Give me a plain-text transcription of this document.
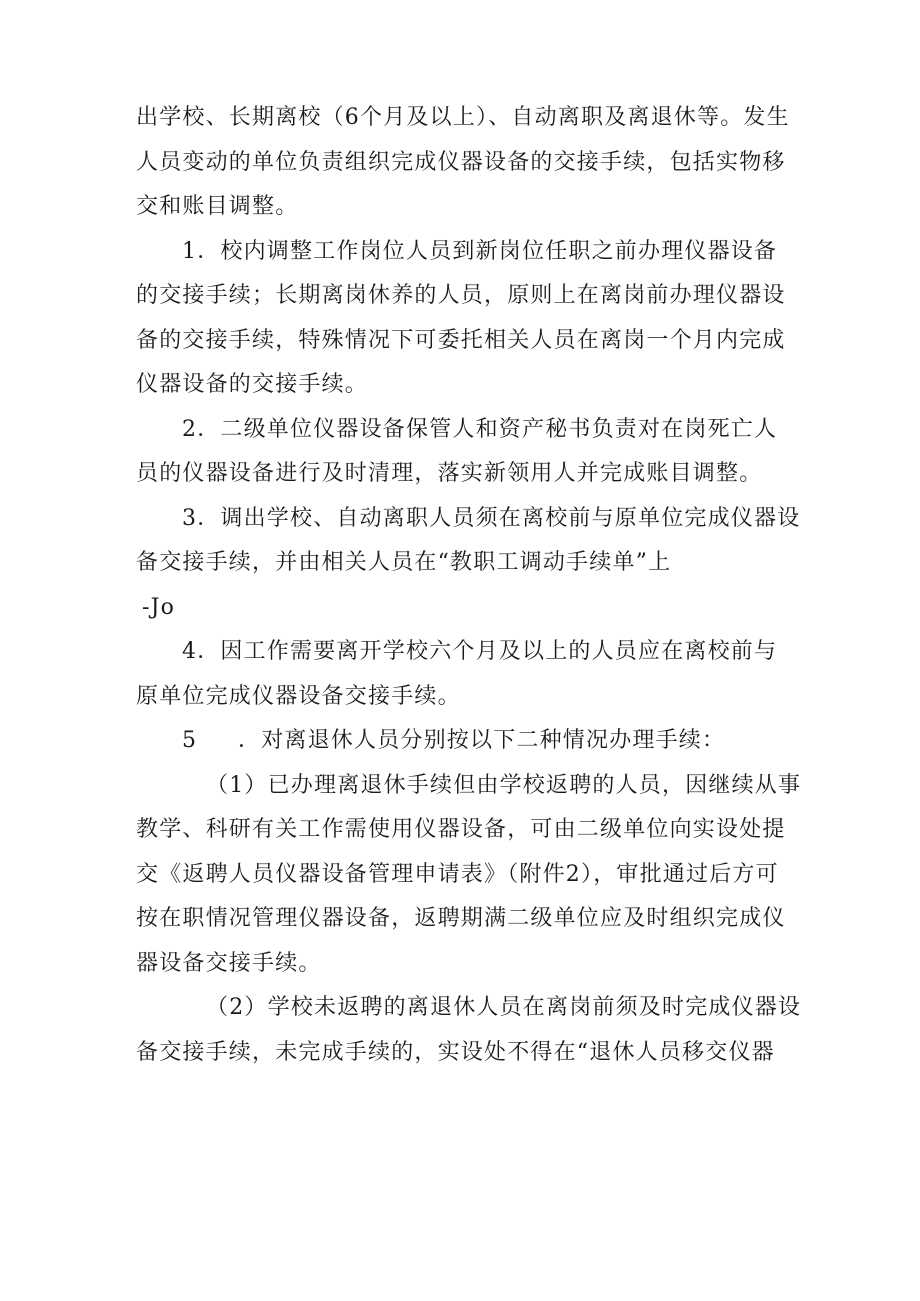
出学校、长期离校（6个月及以上）、自动离职及离退休等。发生
人员变动的单位负责组织完成仪器设备的交接手续，包括实物移
交和账目调整。
1．校内调整工作岗位人员到新岗位任职之前办理仪器设备
的交接手续；长期离岗休养的人员，原则上在离岗前办理仪器设
备的交接手续，特殊情况下可委托相关人员在离岗一个月内完成
仪器设备的交接手续。
2．二级单位仪器设备保管人和资产秘书负责对在岗死亡人
员的仪器设备进行及时清理，落实新领用人并完成账目调整。
3．调出学校、自动离职人员须在离校前与原单位完成仪器设
备交接手续，并由相关人员在“教职工调动手续单”上
-Jo
4．因工作需要离开学校六个月及以上的人员应在离校前与
原单位完成仪器设备交接手续。
5 ．对离退休人员分别按以下二种情况办理手续：
（1）已办理离退休手续但由学校返聘的人员，因继续从事
教学、科研有关工作需使用仪器设备，可由二级单位向实设处提
交《返聘人员仪器设备管理申请表》（附件2），审批通过后方可
按在职情况管理仪器设备，返聘期满二级单位应及时组织完成仪
器设备交接手续。
（2）学校未返聘的离退休人员在离岗前须及时完成仪器设
备交接手续，未完成手续的，实设处不得在“退休人员移交仪器
